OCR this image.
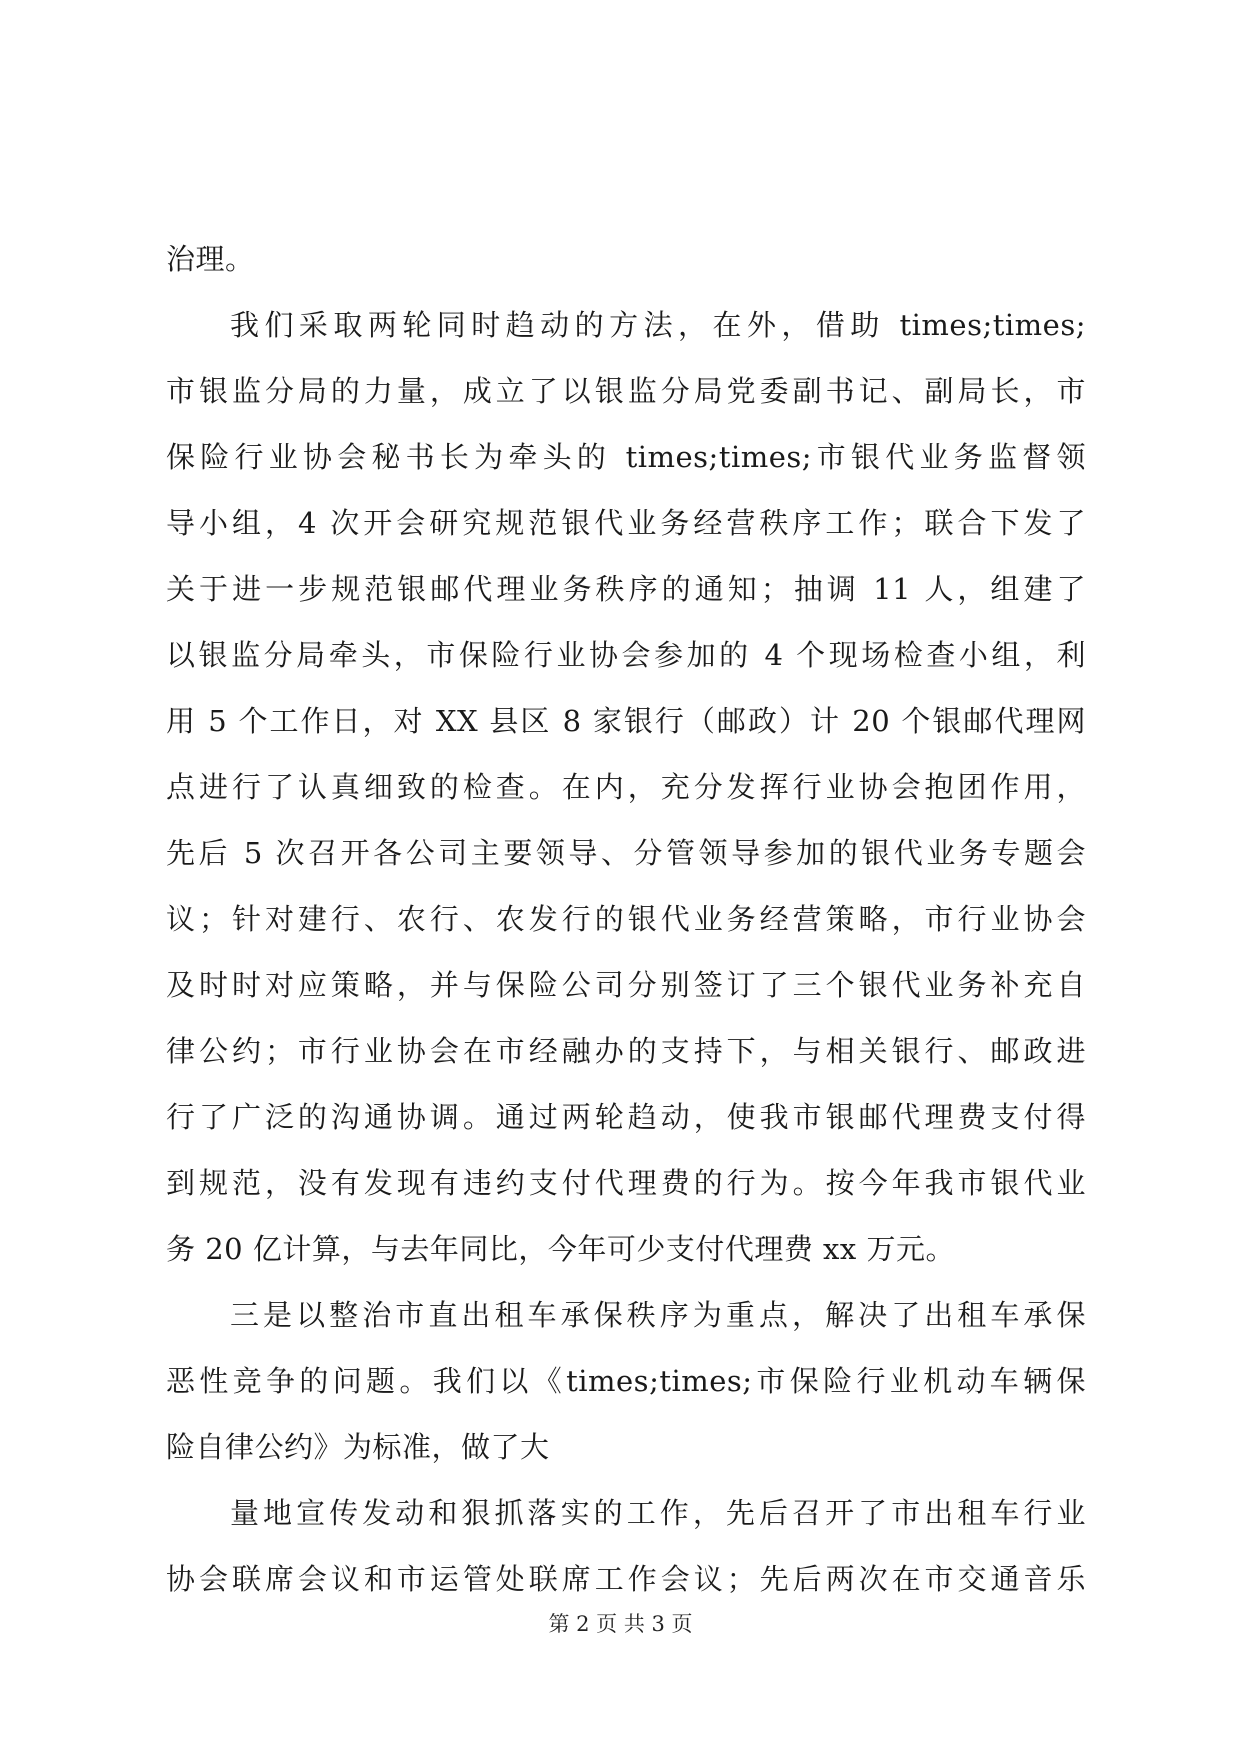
治理。
我们采取两轮同时趋动的方法，在外，借助 times;times;
市银监分局的力量，成立了以银监分局党委副书记、副局长，市
保险行业协会秘书长为牵头的 times;times;市银代业务监督领
导小组，4 次开会研究规范银代业务经营秩序工作；联合下发了
关于进一步规范银邮代理业务秩序的通知；抽调 11 人，组建了
以银监分局牵头，市保险行业协会参加的 4 个现场检查小组，利
用 5 个工作日，对 XX 县区 8 家银行（邮政）计 20 个银邮代理网
点进行了认真细致的检查。在内，充分发挥行业协会抱团作用，
先后 5 次召开各公司主要领导、分管领导参加的银代业务专题会
议；针对建行、农行、农发行的银代业务经营策略，市行业协会
及时时对应策略，并与保险公司分别签订了三个银代业务补充自
律公约；市行业协会在市经融办的支持下，与相关银行、邮政进
行了广泛的沟通协调。通过两轮趋动，使我市银邮代理费支付得
到规范，没有发现有违约支付代理费的行为。按今年我市银代业
务 20 亿计算，与去年同比，今年可少支付代理费 xx 万元。
三是以整治市直出租车承保秩序为重点，解决了出租车承保
恶性竞争的问题。我们以《times;times;市保险行业机动车辆保
险自律公约》为标准，做了大
量地宣传发动和狠抓落实的工作，先后召开了市出租车行业
协会联席会议和市运管处联席工作会议；先后两次在市交通音乐
第 2 页 共 3 页
